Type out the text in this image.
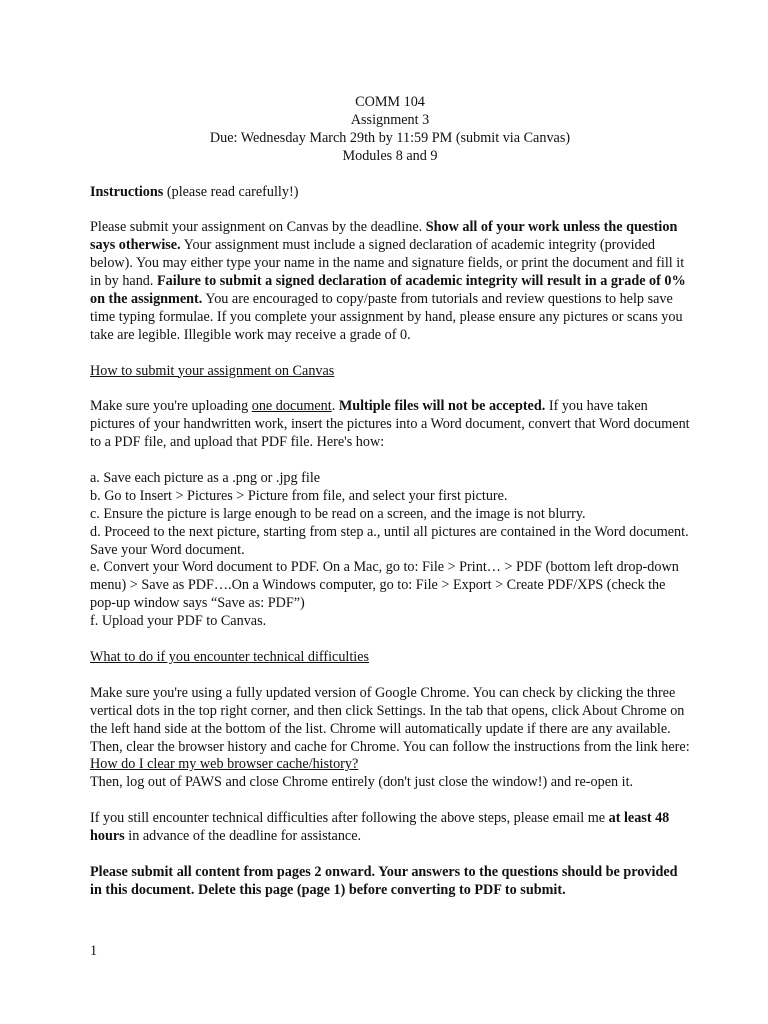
COMM 104
Assignment 3
Due: Wednesday March 29th by 11:59 PM (submit via Canvas)
Modules 8 and 9

Instructions (please read carefully!)

Please submit your assignment on Canvas by the deadline. Show all of your work unless the question says otherwise. Your assignment must include a signed declaration of academic integrity (provided below). You may either type your name in the name and signature fields, or print the document and fill it in by hand. Failure to submit a signed declaration of academic integrity will result in a grade of 0% on the assignment. You are encouraged to copy/paste from tutorials and review questions to help save time typing formulae. If you complete your assignment by hand, please ensure any pictures or scans you take are legible. Illegible work may receive a grade of 0.

How to submit your assignment on Canvas

Make sure you're uploading one document. Multiple files will not be accepted. If you have taken pictures of your handwritten work, insert the pictures into a Word document, convert that Word document to a PDF file, and upload that PDF file. Here's how:

a. Save each picture as a .png or .jpg file
b. Go to Insert > Pictures > Picture from file, and select your first picture.
c. Ensure the picture is large enough to be read on a screen, and the image is not blurry.
d. Proceed to the next picture, starting from step a., until all pictures are contained in the Word document. Save your Word document.
e. Convert your Word document to PDF. On a Mac, go to: File > Print… > PDF (bottom left drop-down menu) > Save as PDF….On a Windows computer, go to: File > Export > Create PDF/XPS (check the pop-up window says “Save as: PDF”)
f. Upload your PDF to Canvas.

What to do if you encounter technical difficulties

Make sure you're using a fully updated version of Google Chrome. You can check by clicking the three vertical dots in the top right corner, and then click Settings. In the tab that opens, click About Chrome on the left hand side at the bottom of the list. Chrome will automatically update if there are any available. Then, clear the browser history and cache for Chrome. You can follow the instructions from the link here: How do I clear my web browser cache/history?
Then, log out of PAWS and close Chrome entirely (don't just close the window!) and re-open it.

If you still encounter technical difficulties after following the above steps, please email me at least 48 hours in advance of the deadline for assistance.

Please submit all content from pages 2 onward. Your answers to the questions should be provided in this document. Delete this page (page 1) before converting to PDF to submit.

1
